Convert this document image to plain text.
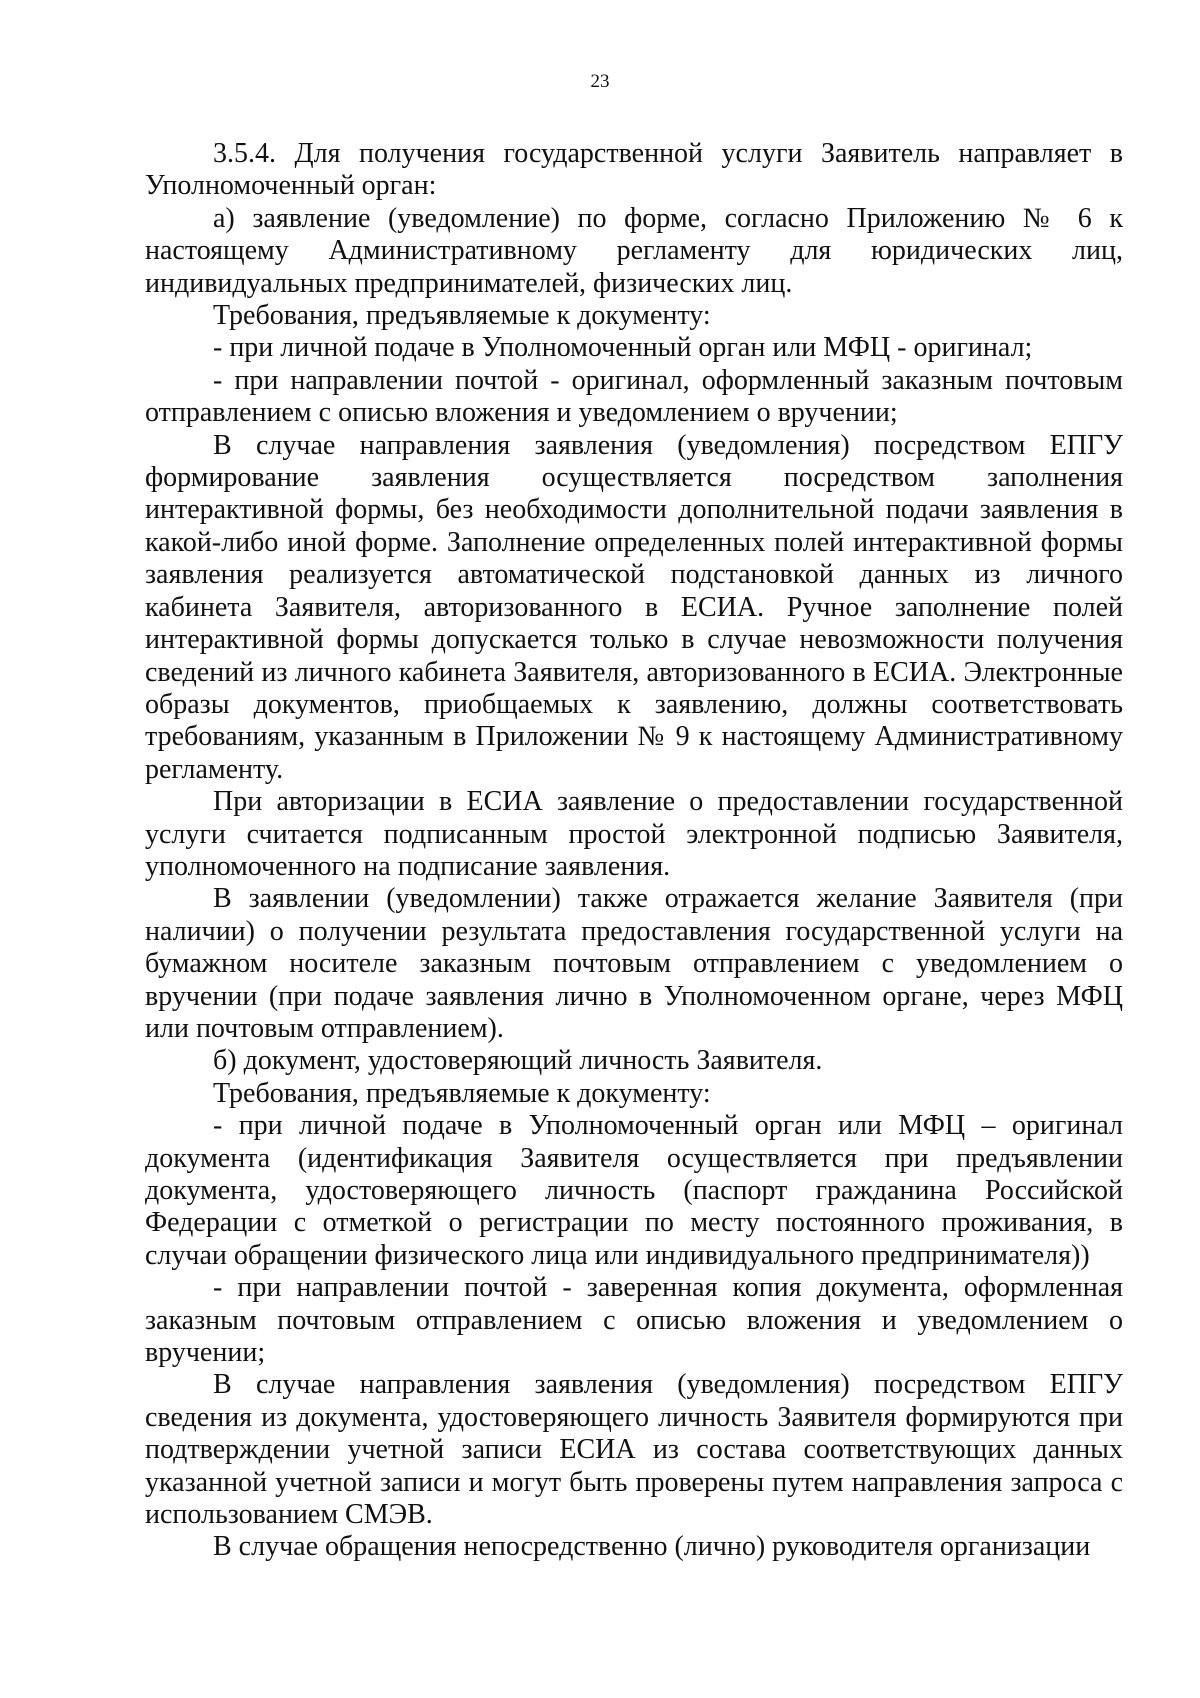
23

3.5.4. Для получения государственной услуги Заявитель направляет в Уполномоченный орган:

а) заявление (уведомление) по форме, согласно Приложению № 6 к настоящему Административному регламенту для юридических лиц, индивидуальных предпринимателей, физических лиц.

Требования, предъявляемые к документу:

- при личной подаче в Уполномоченный орган или МФЦ - оригинал;

- при направлении почтой - оригинал, оформленный заказным почтовым отправлением с описью вложения и уведомлением о вручении;

В случае направления заявления (уведомления) посредством ЕПГУ формирование заявления осуществляется посредством заполнения интерактивной формы, без необходимости дополнительной подачи заявления в какой-либо иной форме. Заполнение определенных полей интерактивной формы заявления реализуется автоматической подстановкой данных из личного кабинета Заявителя, авторизованного в ЕСИА. Ручное заполнение полей интерактивной формы допускается только в случае невозможности получения сведений из личного кабинета Заявителя, авторизованного в ЕСИА. Электронные образы документов, приобщаемых к заявлению, должны соответствовать требованиям, указанным в Приложении № 9 к настоящему Административному регламенту.

При авторизации в ЕСИА заявление о предоставлении государственной услуги считается подписанным простой электронной подписью Заявителя, уполномоченного на подписание заявления.

В заявлении (уведомлении) также отражается желание Заявителя (при наличии) о получении результата предоставления государственной услуги на бумажном носителе заказным почтовым отправлением с уведомлением о вручении (при подаче заявления лично в Уполномоченном органе, через МФЦ или почтовым отправлением).

б) документ, удостоверяющий личность Заявителя.

Требования, предъявляемые к документу:

- при личной подаче в Уполномоченный орган или МФЦ – оригинал документа (идентификация Заявителя осуществляется при предъявлении документа, удостоверяющего личность (паспорт гражданина Российской Федерации с отметкой о регистрации по месту постоянного проживания, в случаи обращении физического лица или индивидуального предпринимателя))

- при направлении почтой - заверенная копия документа, оформленная заказным почтовым отправлением с описью вложения и уведомлением о вручении;

В случае направления заявления (уведомления) посредством ЕПГУ сведения из документа, удостоверяющего личность Заявителя формируются при подтверждении учетной записи ЕСИА из состава соответствующих данных указанной учетной записи и могут быть проверены путем направления запроса с использованием СМЭВ.

В случае обращения непосредственно (лично) руководителя организации
